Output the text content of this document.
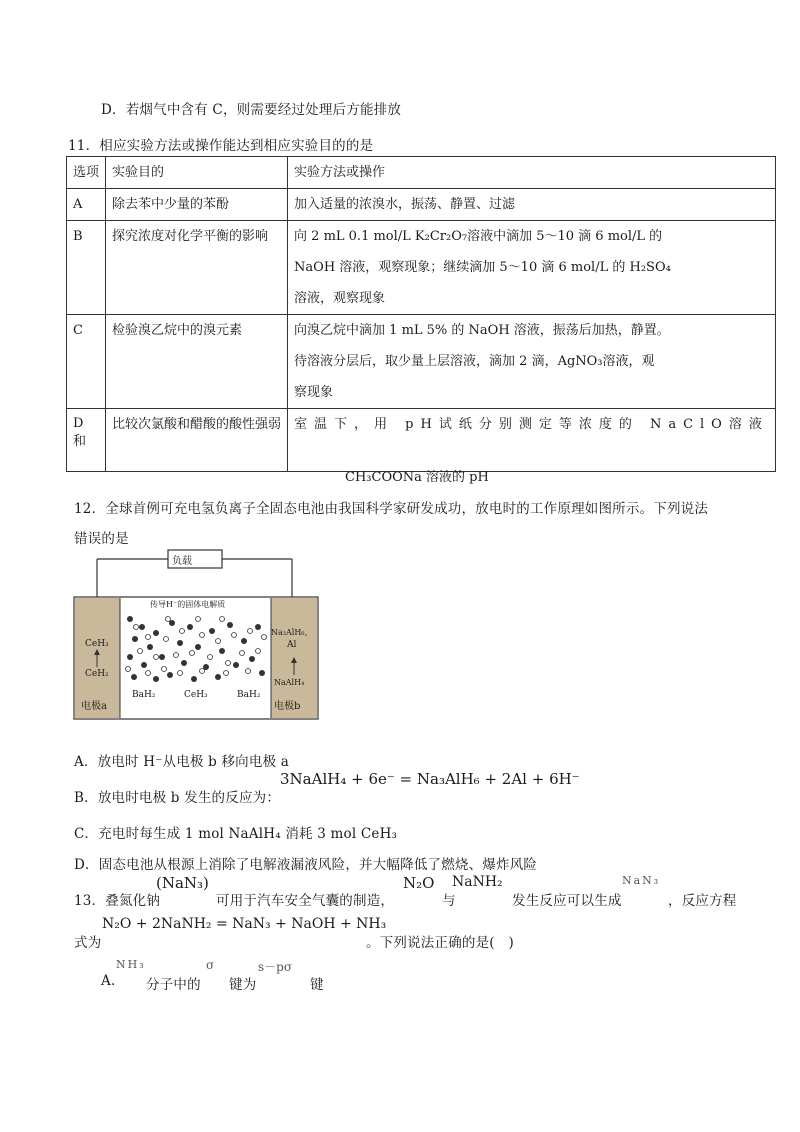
D．若烟气中含有 C，则需要经过处理后方能排放
11．相应实验方法或操作能达到相应实验目的的是
选项	实验目的	实验方法或操作

A	除去苯中少量的苯酚	加入适量的浓溴水，振荡、静置、过滤

B	探究浓度对化学平衡的影响	向 2 mL 0.1 mol/L K₂Cr₂O₇溶液中滴加 5～10 滴 6 mol/L 的
NaOH 溶液，观察现象；继续滴加 5～10 滴 6 mol/L 的 H₂SO₄
溶液，观察现象

C	检验溴乙烷中的溴元素	向溴乙烷中滴加 1 mL 5% 的 NaOH 溶液，振荡后加热，静置。
待溶液分层后，取少量上层溶液，滴加 2 滴，AgNO₃溶液，观
察现象

D
和	比较次氯酸和醋酸的酸性强弱	室温下，用 pH试纸分别测定等浓度的 NaClO溶液
CH₃COONa 溶液的 pH
12．全球首例可充电氢负离子全固态电池由我国科学家研发成功，放电时的工作原理如图所示。下列说法
错误的是
负载
传导H⁻的固体电解质
CeH₃
CeH₂
电极a
Na₃AlH₆、
Al
NaAlH₄
电极b
BaH₂	CeH₃	BaH₂
A．放电时 H⁻从电极 b 移向电极 a
B．放电时电极 b 发生的反应为：
3NaAlH₄ + 6e⁻ = Na₃AlH₆ + 2Al + 6H⁻
C．充电时每生成 1 mol NaAlH₄ 消耗 3 mol CeH₃
D．固态电池从根源上消除了电解液漏液风险，并大幅降低了燃烧、爆炸风险
13．叠氮化钠
(NaN₃)
可用于汽车安全气囊的制造，
N₂O
与
NaNH₂
发生反应可以生成
NaN₃
，反应方程
式为
N₂O + 2NaNH₂ = NaN₃ + NaOH + NH₃
。下列说法正确的是(　)
A.
NH₃
分子中的
σ
键为
s－pσ
键
